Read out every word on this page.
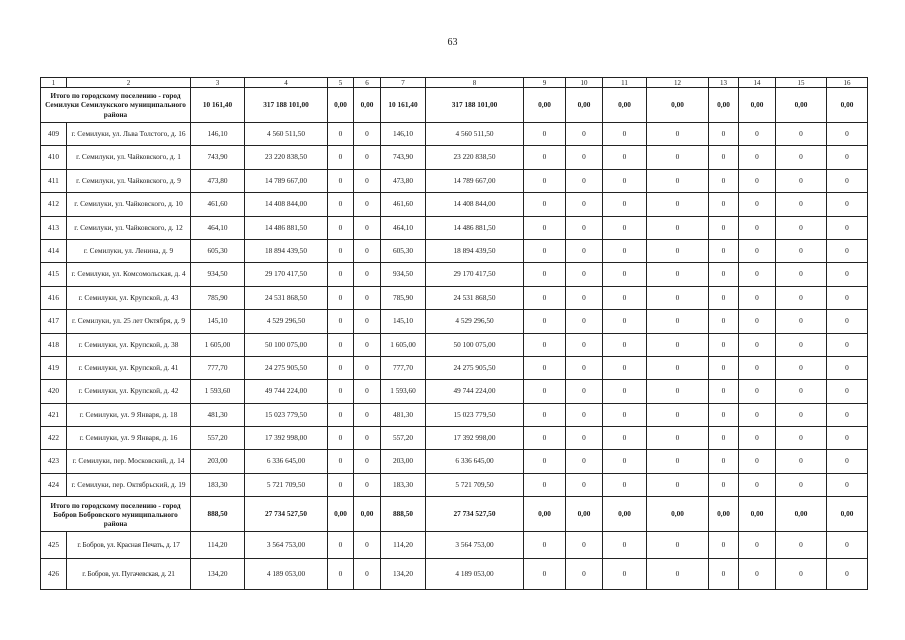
63
1	2	3	4	5	6	7	8	9	10	11	12	13	14	15	16
Итого по городскому поселению - город Семилуки Семилукского муниципального района		10 161,40	317 188 101,00	0,00	0,00	10 161,40	317 188 101,00	0,00	0,00	0,00	0,00	0,00	0,00	0,00	0,00
409	г. Семилуки, ул. Льва Толстого, д. 16	146,10	4 560 511,50	0	0	146,10	4 560 511,50	0	0	0	0	0	0	0	0
410	г. Семилуки, ул. Чайковского, д. 1	743,90	23 220 838,50	0	0	743,90	23 220 838,50	0	0	0	0	0	0	0	0
411	г. Семилуки, ул. Чайковского, д. 9	473,80	14 789 667,00	0	0	473,80	14 789 667,00	0	0	0	0	0	0	0	0
412	г. Семилуки, ул. Чайковского, д. 10	461,60	14 408 844,00	0	0	461,60	14 408 844,00	0	0	0	0	0	0	0	0
413	г. Семилуки, ул. Чайковского, д. 12	464,10	14 486 881,50	0	0	464,10	14 486 881,50	0	0	0	0	0	0	0	0
414	г. Семилуки, ул. Ленина, д. 9	605,30	18 894 439,50	0	0	605,30	18 894 439,50	0	0	0	0	0	0	0	0
415	г. Семилуки, ул. Комсомольская, д. 4	934,50	29 170 417,50	0	0	934,50	29 170 417,50	0	0	0	0	0	0	0	0
416	г. Семилуки, ул. Крупской, д. 43	785,90	24 531 868,50	0	0	785,90	24 531 868,50	0	0	0	0	0	0	0	0
417	г. Семилуки, ул. 25 лет Октября, д. 9	145,10	4 529 296,50	0	0	145,10	4 529 296,50	0	0	0	0	0	0	0	0
418	г. Семилуки, ул. Крупской, д. 38	1 605,00	50 100 075,00	0	0	1 605,00	50 100 075,00	0	0	0	0	0	0	0	0
419	г. Семилуки, ул. Крупской, д. 41	777,70	24 275 905,50	0	0	777,70	24 275 905,50	0	0	0	0	0	0	0	0
420	г. Семилуки, ул. Крупской, д. 42	1 593,60	49 744 224,00	0	0	1 593,60	49 744 224,00	0	0	0	0	0	0	0	0
421	г. Семилуки, ул. 9 Января, д. 18	481,30	15 023 779,50	0	0	481,30	15 023 779,50	0	0	0	0	0	0	0	0
422	г. Семилуки, ул. 9 Января, д. 16	557,20	17 392 998,00	0	0	557,20	17 392 998,00	0	0	0	0	0	0	0	0
423	г. Семилуки, пер. Московский, д. 14	203,00	6 336 645,00	0	0	203,00	6 336 645,00	0	0	0	0	0	0	0	0
424	г. Семилуки, пер. Октябрьский, д. 19	183,30	5 721 709,50	0	0	183,30	5 721 709,50	0	0	0	0	0	0	0	0
Итого по городскому поселению - город Бобров Бобровского муниципального района		888,50	27 734 527,50	0,00	0,00	888,50	27 734 527,50	0,00	0,00	0,00	0,00	0,00	0,00	0,00	0,00
425	г. Бобров, ул. Красная Печать, д. 17	114,20	3 564 753,00	0	0	114,20	3 564 753,00	0	0	0	0	0	0	0	0
426	г. Бобров, ул. Пугачевская, д. 21	134,20	4 189 053,00	0	0	134,20	4 189 053,00	0	0	0	0	0	0	0	0
